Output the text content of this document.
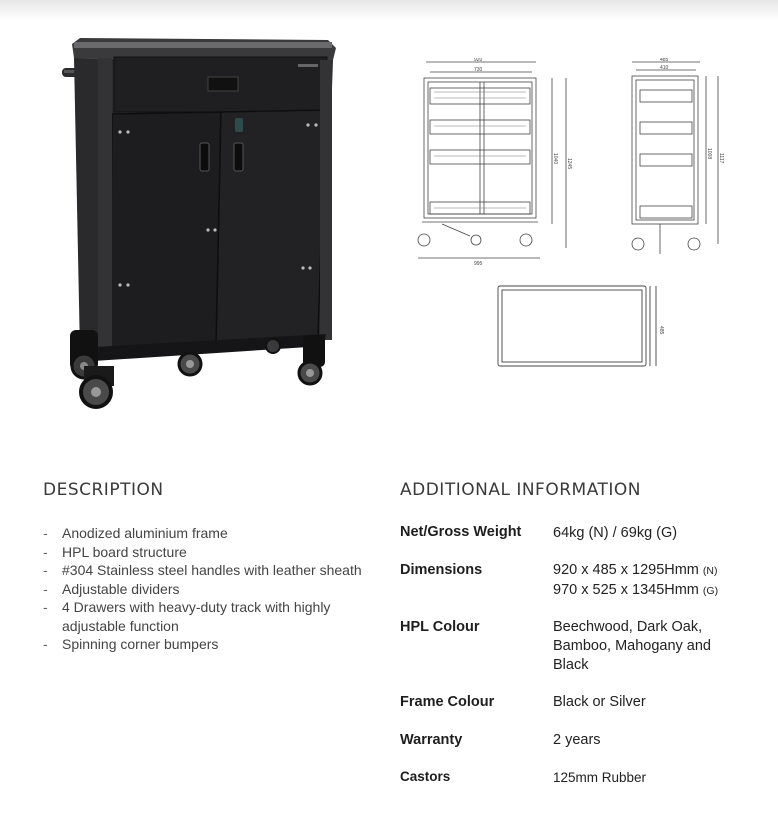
920
730
995
1040 1245
485
410
1008 1117
485
DESCRIPTION
- Anodized aluminium frame
- HPL board structure
- #304 Stainless steel handles with leather sheath
- Adjustable dividers
- 4 Drawers with heavy-duty track with highly adjustable function
- Spinning corner bumpers
ADDITIONAL INFORMATION
Net/Gross Weight 64kg (N) / 69kg (G)
Dimensions	920 x 485 x 1295Hmm (N)
970 x 525 x 1345Hmm (G)
HPL Colour	Beechwood, Dark Oak, Bamboo, Mahogany and Black
Frame Colour	Black or Silver
Warranty	2 years
Castors	125mm Rubber
